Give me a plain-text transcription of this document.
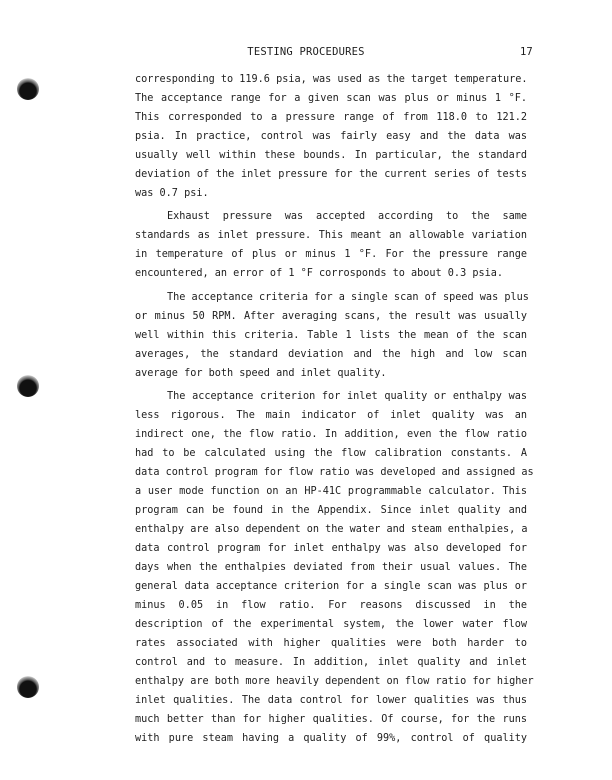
TESTING PROCEDURES	17
corresponding to 119.6 psia, was used as the target temperature.
The acceptance range for a given scan was plus or minus 1 °F.
This corresponded to a pressure range of from 118.0 to 121.2
psia. In practice, control was fairly easy and the data was
usually well within these bounds. In particular, the standard
deviation of the inlet pressure for the current series of tests
was 0.7 psi.
Exhaust pressure was accepted according to the same
standards as inlet pressure. This meant an allowable variation
in temperature of plus or minus 1 °F. For the pressure range
encountered, an error of 1 °F corrosponds to about 0.3 psia.
The acceptance criteria for a single scan of speed was plus
or minus 50 RPM. After averaging scans, the result was usually
well within this criteria. Table 1 lists the mean of the scan
averages, the standard deviation and the high and low scan
average for both speed and inlet quality.
The acceptance criterion for inlet quality or enthalpy was
less rigorous. The main indicator of inlet quality was an
indirect one, the flow ratio. In addition, even the flow ratio
had to be calculated using the flow calibration constants. A
data control program for flow ratio was developed and assigned as
a user mode function on an HP-41C programmable calculator. This
program can be found in the Appendix. Since inlet quality and
enthalpy are also dependent on the water and steam enthalpies, a
data control program for inlet enthalpy was also developed for
days when the enthalpies deviated from their usual values. The
general data acceptance criterion for a single scan was plus or
minus 0.05 in flow ratio. For reasons discussed in the
description of the experimental system, the lower water flow
rates associated with higher qualities were both harder to
control and to measure. In addition, inlet quality and inlet
enthalpy are both more heavily dependent on flow ratio for higher
inlet qualities. The data control for lower qualities was thus
much better than for higher qualities. Of course, for the runs
with pure steam having a quality of 99%, control of quality
